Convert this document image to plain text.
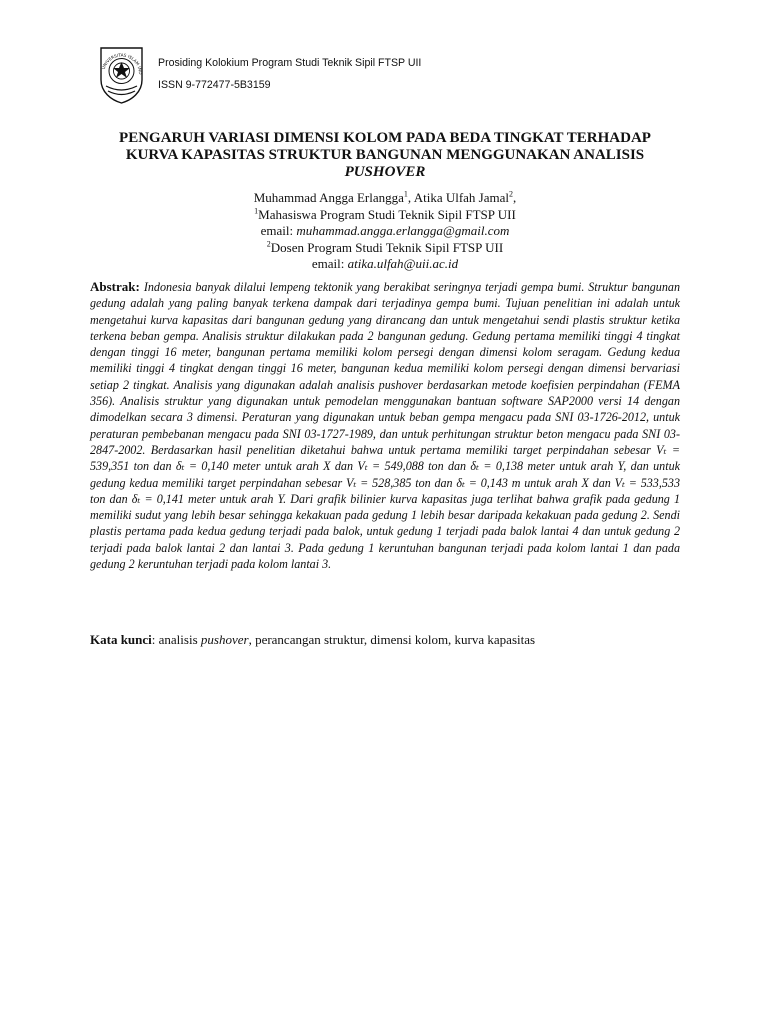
UNIVERSITAS ISLAM IND
Prosiding Kolokium Program Studi Teknik Sipil FTSP UII
ISSN 9-772477-5B3159
PENGARUH VARIASI DIMENSI KOLOM PADA BEDA TINGKAT TERHADAP
KURVA KAPASITAS STRUKTUR BANGUNAN MENGGUNAKAN ANALISIS
PUSHOVER
Muhammad Angga Erlangga$^1$, Atika Ulfah Jamal$^2$,
$^1$Mahasiswa Program Studi Teknik Sipil FTSP UII
email: muhammad.angga.erlangga@gmail.com
$^2$Dosen Program Studi Teknik Sipil FTSP UII
email: atika.ulfah@uii.ac.id
Abstrak: Indonesia banyak dilalui lempeng tektonik yang berakibat seringnya terjadi gempa bumi. Struktur bangunan gedung adalah yang paling banyak terkena dampak dari terjadinya gempa bumi. Tujuan penelitian ini adalah untuk mengetahui kurva kapasitas dari bangunan gedung yang dirancang dan untuk mengetahui sendi plastis struktur ketika terkena beban gempa. Analisis struktur dilakukan pada 2 bangunan gedung. Gedung pertama memiliki tinggi 4 tingkat dengan tinggi 16 meter, bangunan pertama memiliki kolom persegi dengan dimensi kolom seragam. Gedung kedua memiliki tinggi 4 tingkat dengan tinggi 16 meter, bangunan kedua memiliki kolom persegi dengan dimensi bervariasi setiap 2 tingkat. Analisis yang digunakan adalah analisis pushover berdasarkan metode koefisien perpindahan (FEMA 356). Analisis struktur yang digunakan untuk pemodelan menggunakan bantuan software SAP2000 versi 14 dengan dimodelkan secara 3 dimensi. Peraturan yang digunakan untuk beban gempa mengacu pada SNI 03-1726-2012, untuk peraturan pembebanan mengacu pada SNI 03-1727-1989, dan untuk perhitungan struktur beton mengacu pada SNI 03-2847-2002. Berdasarkan hasil penelitian diketahui bahwa untuk pertama memiliki target perpindahan sebesar Vₜ = 539,351 ton dan δₜ = 0,140 meter untuk arah X dan Vₜ = 549,088 ton dan δₜ = 0,138 meter untuk arah Y, dan untuk gedung kedua memiliki target perpindahan sebesar Vₜ = 528,385 ton dan δₜ = 0,143 m untuk arah X dan Vₜ = 533,533 ton dan δₜ = 0,141 meter untuk arah Y. Dari grafik bilinier kurva kapasitas juga terlihat bahwa grafik pada gedung 1 memiliki sudut yang lebih besar sehingga kekakuan pada gedung 1 lebih besar daripada kekakuan pada gedung 2. Sendi plastis pertama pada kedua gedung terjadi pada balok, untuk gedung 1 terjadi pada balok lantai 4 dan untuk gedung 2 terjadi pada balok lantai 2 dan lantai 3. Pada gedung 1 keruntuhan bangunan terjadi pada kolom lantai 1 dan pada gedung 2 keruntuhan terjadi pada kolom lantai 3.
Kata kunci: analisis pushover, perancangan struktur, dimensi kolom, kurva kapasitas
